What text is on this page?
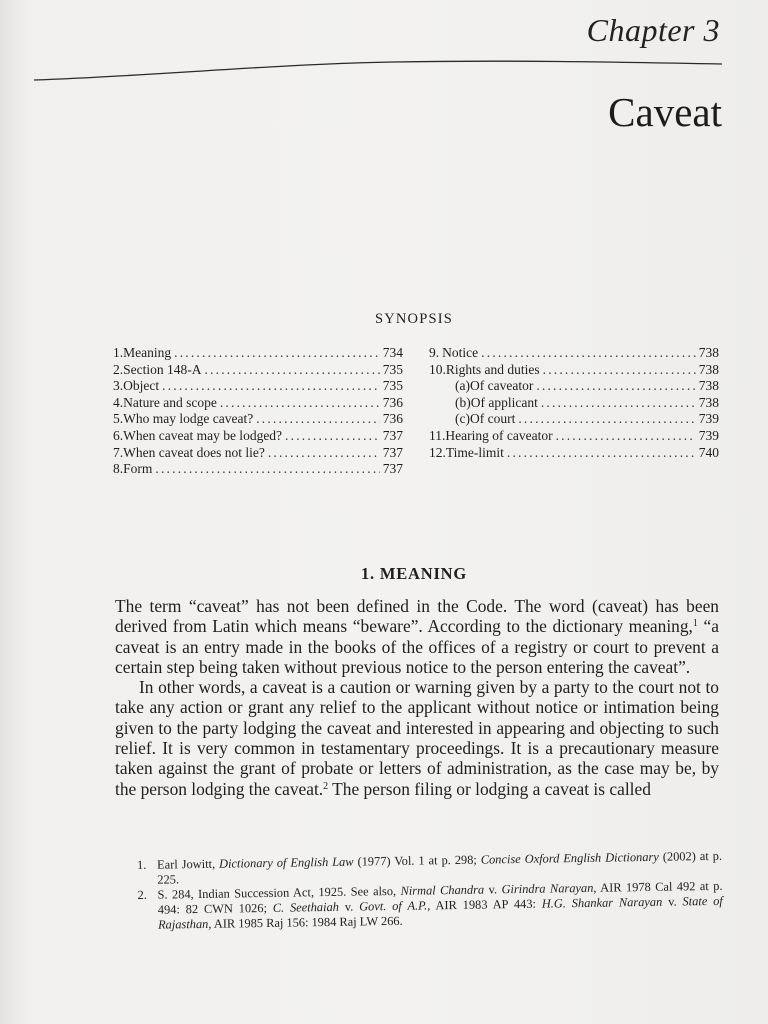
Chapter 3
Caveat
SYNOPSIS
1. Meaning .....	734
2. Section 148-A .....	735
3. Object .....	735
4. Nature and scope .....	736
5. Who may lodge caveat? .....	736
6. When caveat may be lodged? .....	737
7. When caveat does not lie? .....	737
8. Form .....	737
9. Notice .....	738
10. Rights and duties .....	738
(a) Of caveator .....	738
(b) Of applicant .....	738
(c) Of court .....	739
11. Hearing of caveator .....	739
12. Time-limit .....	740
1. MEANING

The term “caveat” has not been defined in the Code. The word (caveat) has been derived from Latin which means “beware”. According to the dictionary meaning,$^1$ “a caveat is an entry made in the books of the offices of a registry or court to prevent a certain step being taken without previous notice to the person entering the caveat”.

In other words, a caveat is a caution or warning given by a party to the court not to take any action or grant any relief to the applicant without notice or intimation being given to the party lodging the caveat and interested in appearing and objecting to such relief. It is very common in testamentary proceedings. It is a precautionary measure taken against the grant of probate or letters of administration, as the case may be, by the person lodging the caveat.$^2$ The person filing or lodging a caveat is called

1. Earl Jowitt, Dictionary of English Law (1977) Vol. 1 at p. 298; Concise Oxford English Dictionary (2002) at p. 225.
2. S. 284, Indian Succession Act, 1925. See also, Nirmal Chandra v. Girindra Narayan, AIR 1978 Cal 492 at p. 494: 82 CWN 1026; C. Seethaiah v. Govt. of A.P., AIR 1983 AP 443: H.G. Shankar Narayan v. State of Rajasthan, AIR 1985 Raj 156: 1984 Raj LW 266.
